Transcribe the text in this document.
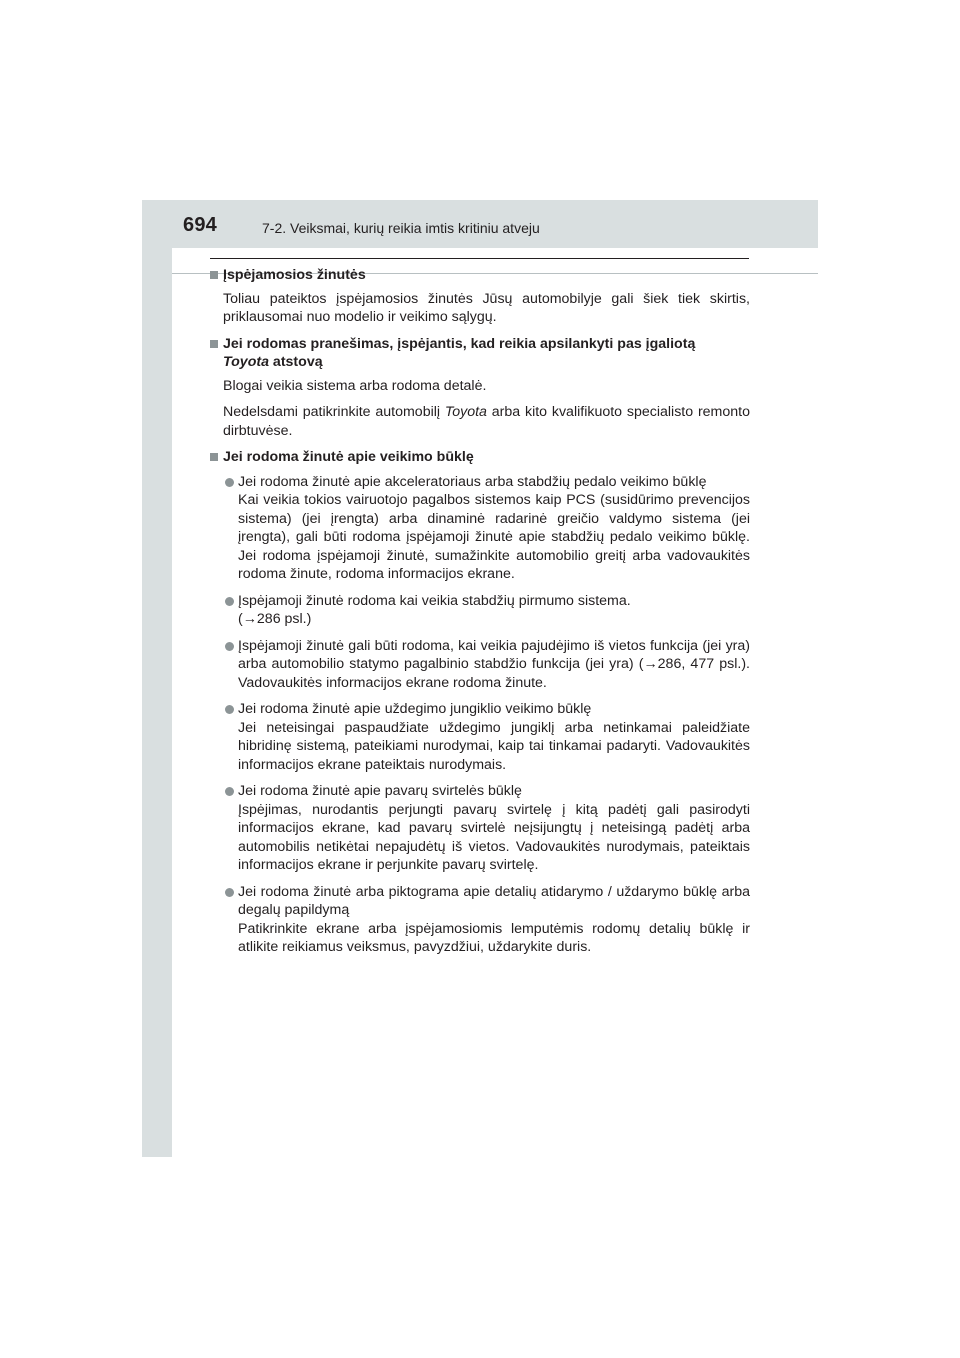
694	7-2. Veiksmai, kurių reikia imtis kritiniu atveju
Įspėjamosios žinutės
Toliau pateiktos įspėjamosios žinutės Jūsų automobilyje gali šiek tiek skirtis, priklausomai nuo modelio ir veikimo sąlygų.
Jei rodomas pranešimas, įspėjantis, kad reikia apsilankyti pas įgaliotą
Toyota atstovą
Blogai veikia sistema arba rodoma detalė.
Nedelsdami patikrinkite automobilį Toyota arba kito kvalifikuoto specialisto remonto dirbtuvėse.
Jei rodoma žinutė apie veikimo būklę
Jei rodoma žinutė apie akceleratoriaus arba stabdžių pedalo veikimo būklę
Kai veikia tokios vairuotojo pagalbos sistemos kaip PCS (susidūrimo prevencijos sistema) (jei įrengta) arba dinaminė radarinė greičio valdymo sistema (jei įrengta), gali būti rodoma įspėjamoji žinutė apie stabdžių pedalo veikimo būklę. Jei rodoma įspėjamoji žinutė, sumažinkite automobilio greitį arba vadovaukitės rodoma žinute, rodoma informacijos ekrane.
Įspėjamoji žinutė rodoma kai veikia stabdžių pirmumo sistema.
(→286 psl.)
Įspėjamoji žinutė gali būti rodoma, kai veikia pajudėjimo iš vietos funkcija (jei yra) arba automobilio statymo pagalbinio stabdžio funkcija (jei yra) (→286, 477 psl.). Vadovaukitės informacijos ekrane rodoma žinute.
Jei rodoma žinutė apie uždegimo jungiklio veikimo būklę
Jei neteisingai paspaudžiate uždegimo jungiklį arba netinkamai paleidžiate hibridinę sistemą, pateikiami nurodymai, kaip tai tinkamai padaryti. Vadovaukitės informacijos ekrane pateiktais nurodymais.
Jei rodoma žinutė apie pavarų svirtelės būklę
Įspėjimas, nurodantis perjungti pavarų svirtelę į kitą padėtį gali pasirodyti informacijos ekrane, kad pavarų svirtelė neįsijungtų į neteisingą padėtį arba automobilis netikėtai nepajudėtų iš vietos. Vadovaukitės nurodymais, pateiktais informacijos ekrane ir perjunkite pavarų svirtelę.
Jei rodoma žinutė arba piktograma apie detalių atidarymo / uždarymo būklę arba degalų papildymą
Patikrinkite ekrane arba įspėjamosiomis lemputėmis rodomų detalių būklę ir atlikite reikiamus veiksmus, pavyzdžiui, uždarykite duris.
